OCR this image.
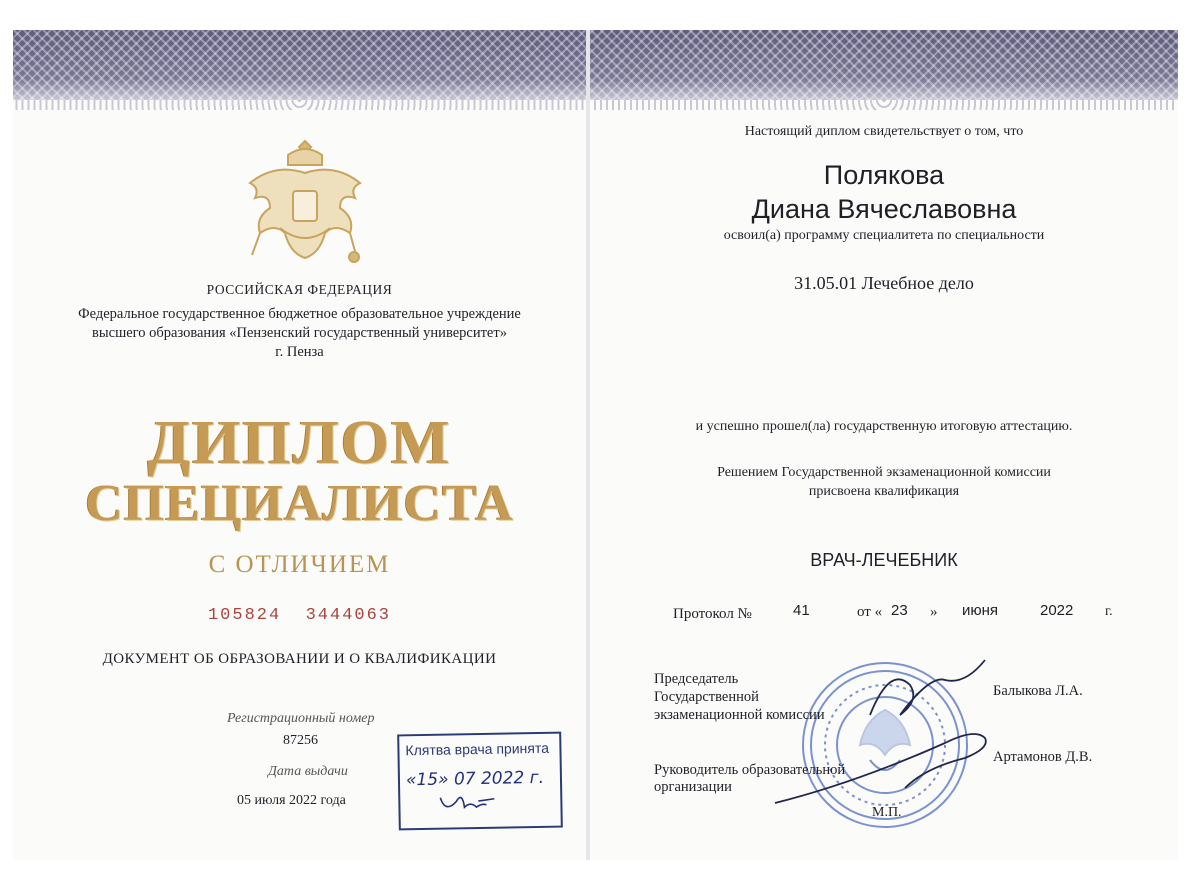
РОССИЙСКАЯ ФЕДЕРАЦИЯ
Федеральное государственное бюджетное образовательное учреждение
высшего образования «Пензенский государственный университет»
г. Пенза
ДИПЛОМ
СПЕЦИАЛИСТА
С ОТЛИЧИЕМ
105824  3444063
ДОКУМЕНТ ОБ ОБРАЗОВАНИИ И О КВАЛИФИКАЦИИ
Регистрационный номер
87256
Дата выдачи
05 июля 2022 года
Клятва врача принята
«15» 07 2022 г.
Настоящий диплом свидетельствует о том, что
Полякова
Диана Вячеславовна
освоил(а) программу специалитета по специальности
31.05.01 Лечебное дело
и успешно прошел(ла) государственную итоговую аттестацию.
Решением Государственной экзаменационной комиссии
присвоена квалификация
ВРАЧ-ЛЕЧЕБНИК
Протокол №	41	от « 23 » июня	2022 г.
Председатель
Государственной
экзаменационной комиссии
Балыкова Л.А.
Руководитель образовательной
организации
Артамонов Д.В.
М.П.
